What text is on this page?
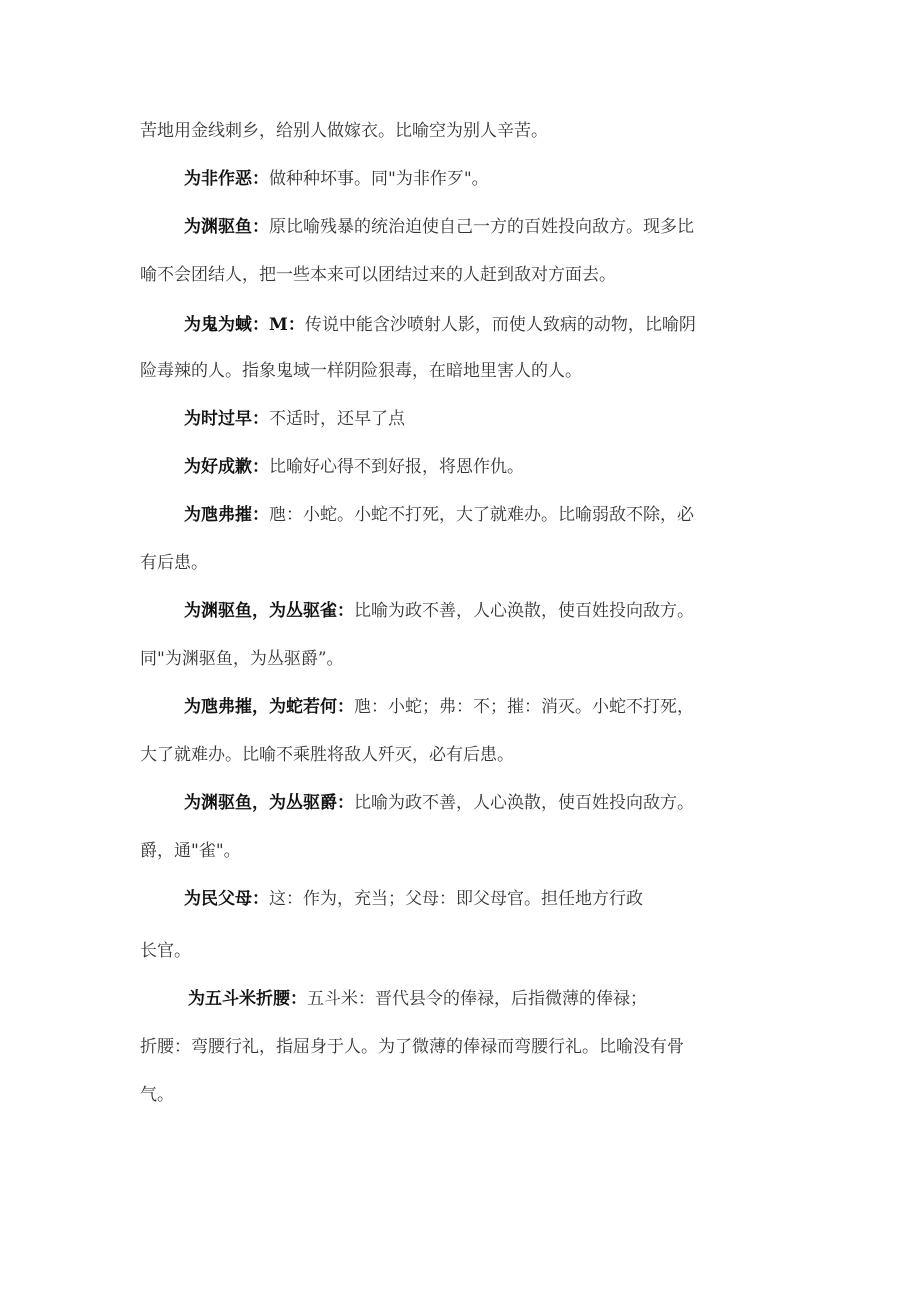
苦地用金线刺乡，给别人做嫁衣。比喻空为别人辛苦。
为非作恶：做种种坏事。同"为非作歹"。
为渊驱鱼：原比喻残暴的统治迫使自己一方的百姓投向敌方。现多比
喻不会团结人，把一些本来可以团结过来的人赶到敌对方面去。
为鬼为蜮：M：传说中能含沙喷射人影，而使人致病的动物，比喻阴
险毒辣的人。指象鬼域一样阴险狠毒，在暗地里害人的人。
为时过早：不适时，还早了点
为好成歉：比喻好心得不到好报，将恩作仇。
为虺弗摧：虺：小蛇。小蛇不打死，大了就难办。比喻弱敌不除，必
有后患。
为渊驱鱼，为丛驱雀：比喻为政不善，人心涣散，使百姓投向敌方。
同"为渊驱鱼，为丛驱爵”。
为虺弗摧，为蛇若何：虺：小蛇；弗：不；摧：消灭。小蛇不打死，
大了就难办。比喻不乘胜将敌人歼灭，必有后患。
为渊驱鱼，为丛驱爵：比喻为政不善，人心涣散，使百姓投向敌方。
爵，通"雀"。
为民父母：这：作为，充当；父母：即父母官。担任地方行政
长官。
为五斗米折腰：五斗米：晋代县令的俸禄，后指微薄的俸禄；
折腰：弯腰行礼，指屈身于人。为了微薄的俸禄而弯腰行礼。比喻没有骨
气。
